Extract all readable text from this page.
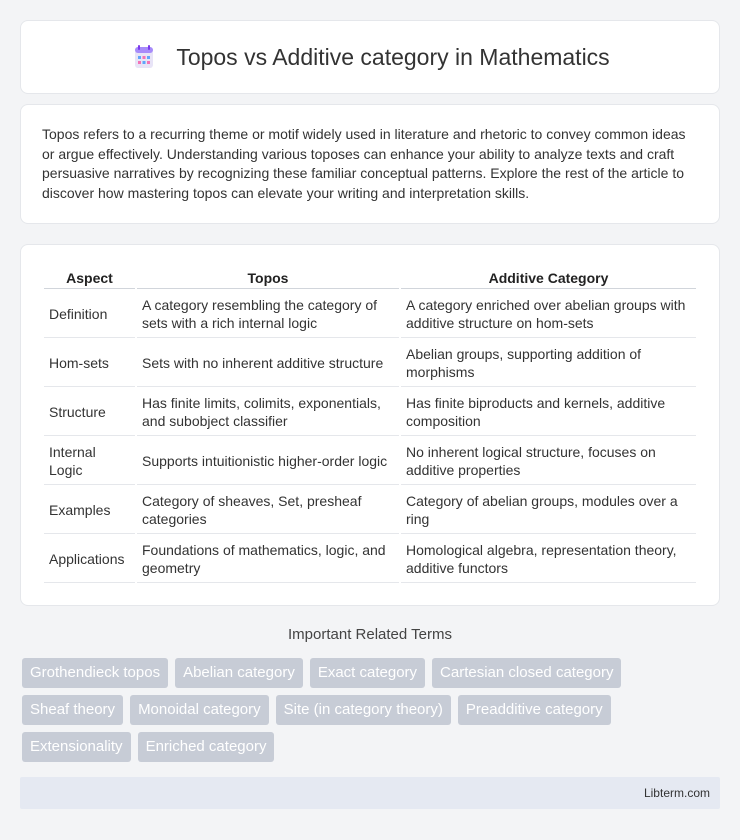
Topos vs Additive category in Mathematics

Topos refers to a recurring theme or motif widely used in literature and rhetoric to convey common ideas or argue effectively. Understanding various toposes can enhance your ability to analyze texts and craft persuasive narratives by recognizing these familiar conceptual patterns. Explore the rest of the article to discover how mastering topos can elevate your writing and interpretation skills.

Aspect	Topos	Additive Category
Definition	A category resembling the category of sets with a rich internal logic	A category enriched over abelian groups with additive structure on hom-sets
Hom-sets	Sets with no inherent additive structure	Abelian groups, supporting addition of morphisms
Structure	Has finite limits, colimits, exponentials, and subobject classifier	Has finite biproducts and kernels, additive composition
Internal Logic	Supports intuitionistic higher-order logic	No inherent logical structure, focuses on additive properties
Examples	Category of sheaves, Set, presheaf categories	Category of abelian groups, modules over a ring
Applications	Foundations of mathematics, logic, and geometry	Homological algebra, representation theory, additive functors
Important Related Terms
Grothendieck topos	Abelian category	Exact category	Cartesian closed category
Sheaf theory	Monoidal category	Site (in category theory)	Preadditive category
Extensionality	Enriched category
Libterm.com
